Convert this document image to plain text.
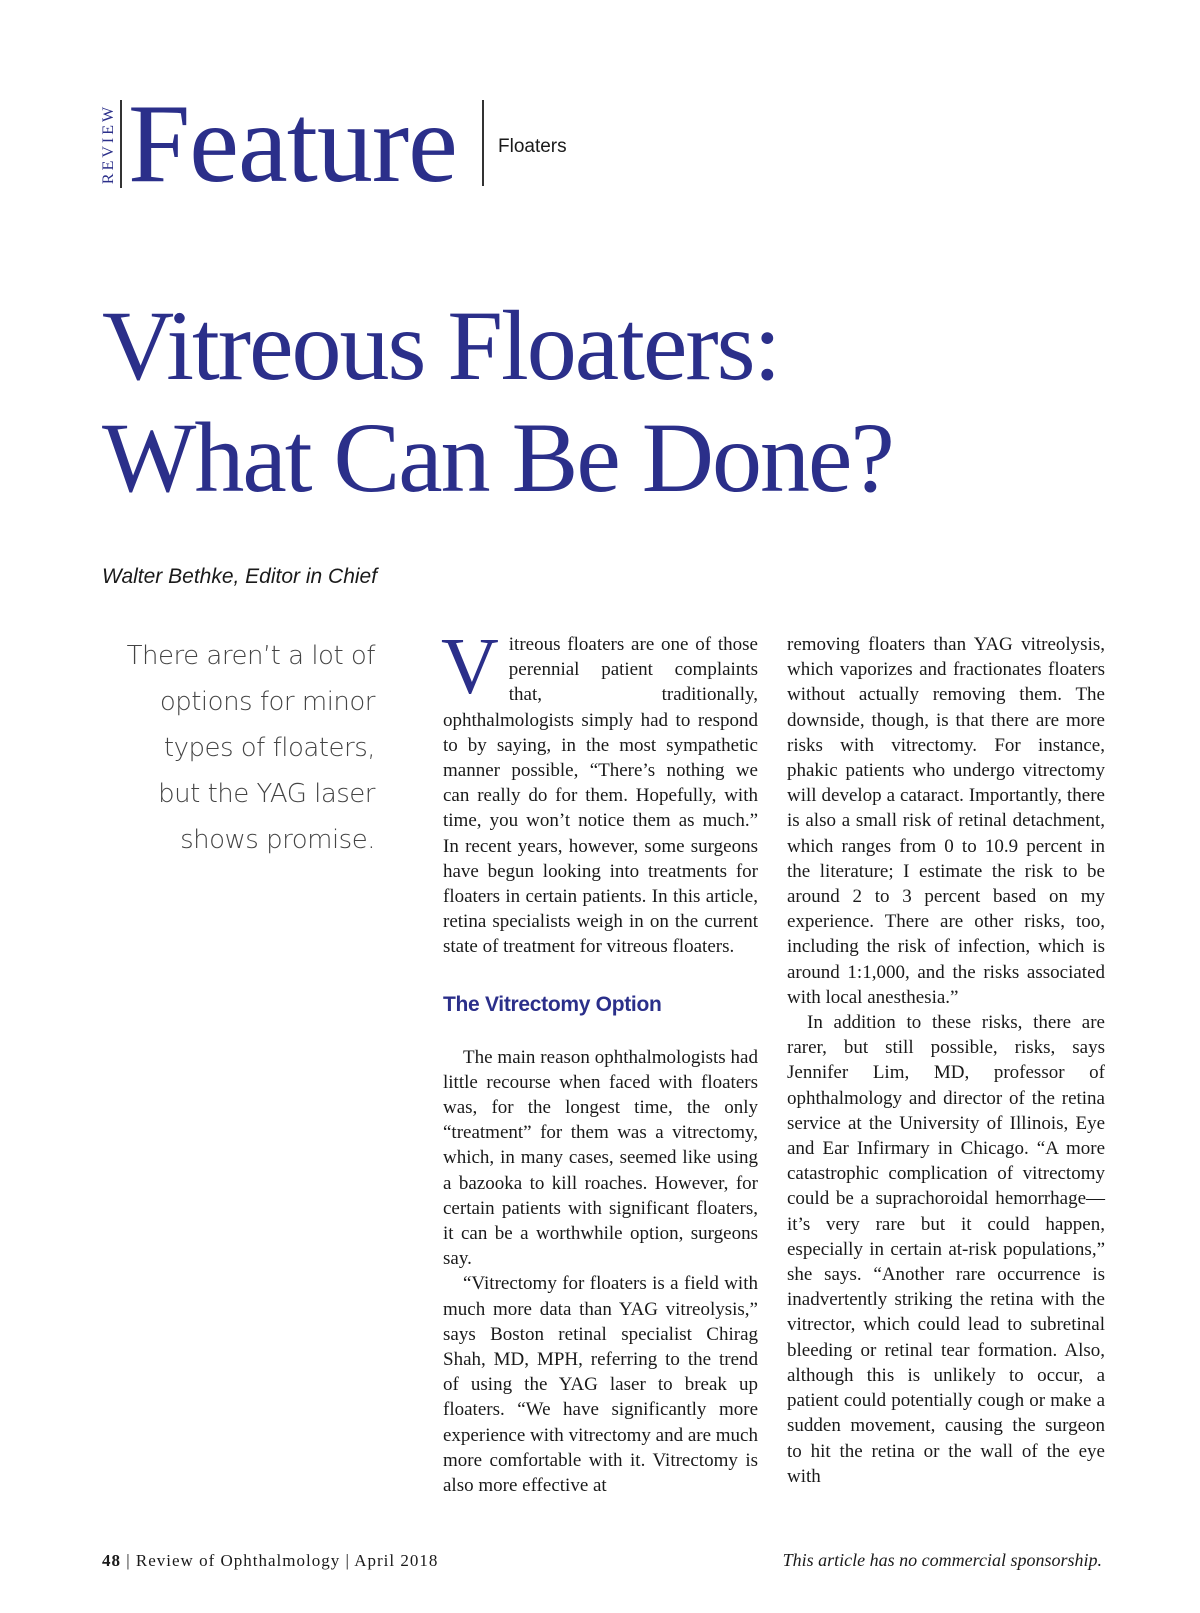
REVIEW Feature Floaters
Vitreous Floaters:
What Can Be Done?
Walter Bethke, Editor in Chief
There aren’t a lot of options for minor types of floaters, but the YAG laser shows promise.

Vitreous floaters are one of those perennial patient complaints that, traditionally, ophthalmologists simply had to respond to by saying, in the most sympathetic manner possible, “There’s nothing we can really do for them. Hopefully, with time, you won’t notice them as much.” In recent years, however, some surgeons have begun looking into treatments for floaters in certain patients. In this article, retina specialists weigh in on the current state of treatment for vitreous floaters.

The Vitrectomy Option

The main reason ophthalmologists had little recourse when faced with floaters was, for the longest time, the only “treatment” for them was a vitrectomy, which, in many cases, seemed like using a bazooka to kill roaches. However, for certain patients with significant floaters, it can be a worthwhile option, surgeons say.

“Vitrectomy for floaters is a field with much more data than YAG vitreolysis,” says Boston retinal specialist Chirag Shah, MD, MPH, referring to the trend of using the YAG laser to break up floaters. “We have significantly more experience with vitrectomy and are much more comfortable with it. Vitrectomy is also more effective at

removing floaters than YAG vitreolysis, which vaporizes and fractionates floaters without actually removing them. The downside, though, is that there are more risks with vitrectomy. For instance, phakic patients who undergo vitrectomy will develop a cataract. Importantly, there is also a small risk of retinal detachment, which ranges from 0 to 10.9 percent in the literature; I estimate the risk to be around 2 to 3 percent based on my experience. There are other risks, too, including the risk of infection, which is around 1:1,000, and the risks associated with local anesthesia.”

In addition to these risks, there are rarer, but still possible, risks, says Jennifer Lim, MD, professor of ophthalmology and director of the retina service at the University of Illinois, Eye and Ear Infirmary in Chicago. “A more catastrophic complication of vitrectomy could be a suprachoroidal hemorrhage—it’s very rare but it could happen, especially in certain at-risk populations,” she says. “Another rare occurrence is inadvertently striking the retina with the vitrector, which could lead to subretinal bleeding or retinal tear formation. Also, although this is unlikely to occur, a patient could potentially cough or make a sudden movement, causing the surgeon to hit the retina or the wall of the eye with

48 | Review of Ophthalmology | April 2018	This article has no commercial sponsorship.
